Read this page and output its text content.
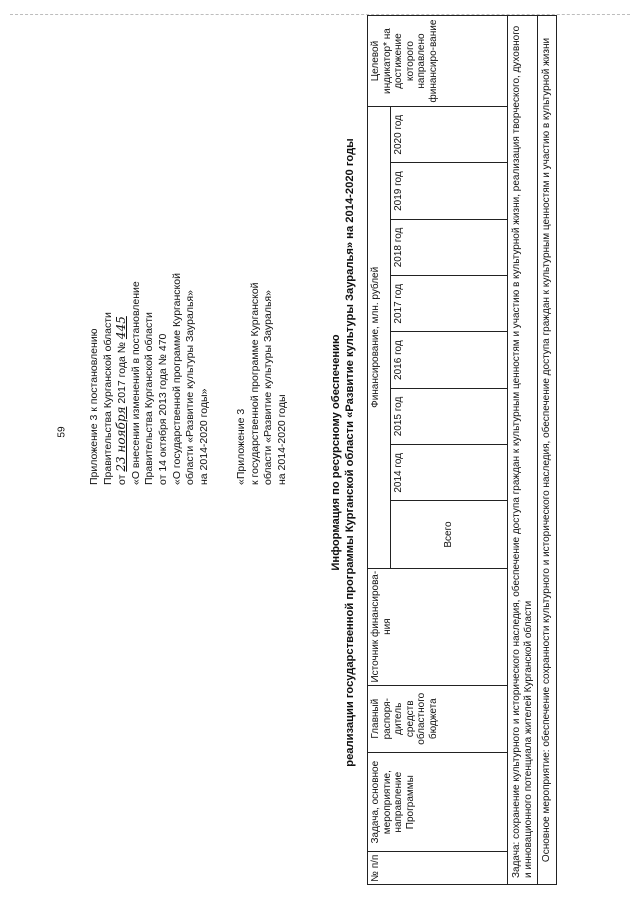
59 Приложение 3 к постановлению Правительства Курганской области от 23 ноября 2017 года № 445 «О внесении изменений в постановление Правительства Курганской области от 14 октября 2013 года № 470 «О государственной программе Курганской области «Развитие культуры Зауралья» на 2014-2020 годы» «Приложение 3 к государственной программе Курганской области «Развитие культуры Зауралья» на 2014-2020 годы	Информация по ресурсному обеспечению реализации государственной программы Курганской области «Развитие культуры Зауралья» на 2014-2020 годы
№ п/п	Задача, основное мероприятие, направление Программы	Главный распоря-дитель средств областного бюджета	Источник финансирова-ния	Финансирование, млн. рублей								Целевой индикатор* на достижение которого направлено финансиро-вание
				Всего	2014 год	2015 год	2016 год	2017 год	2018 год	2019 год	2020 год	
Задача: сохранение культурного и исторического наследия, обеспечение доступа граждан к культурным ценностям и участию в культурной жизни, реализация творческого, духовного и инновационного потенциала жителей Курганской области												
Основное мероприятие: обеспечение сохранности культурного и исторического наследия, обеспечение доступа граждан к культурным ценностям и участию в культурной жизни												
